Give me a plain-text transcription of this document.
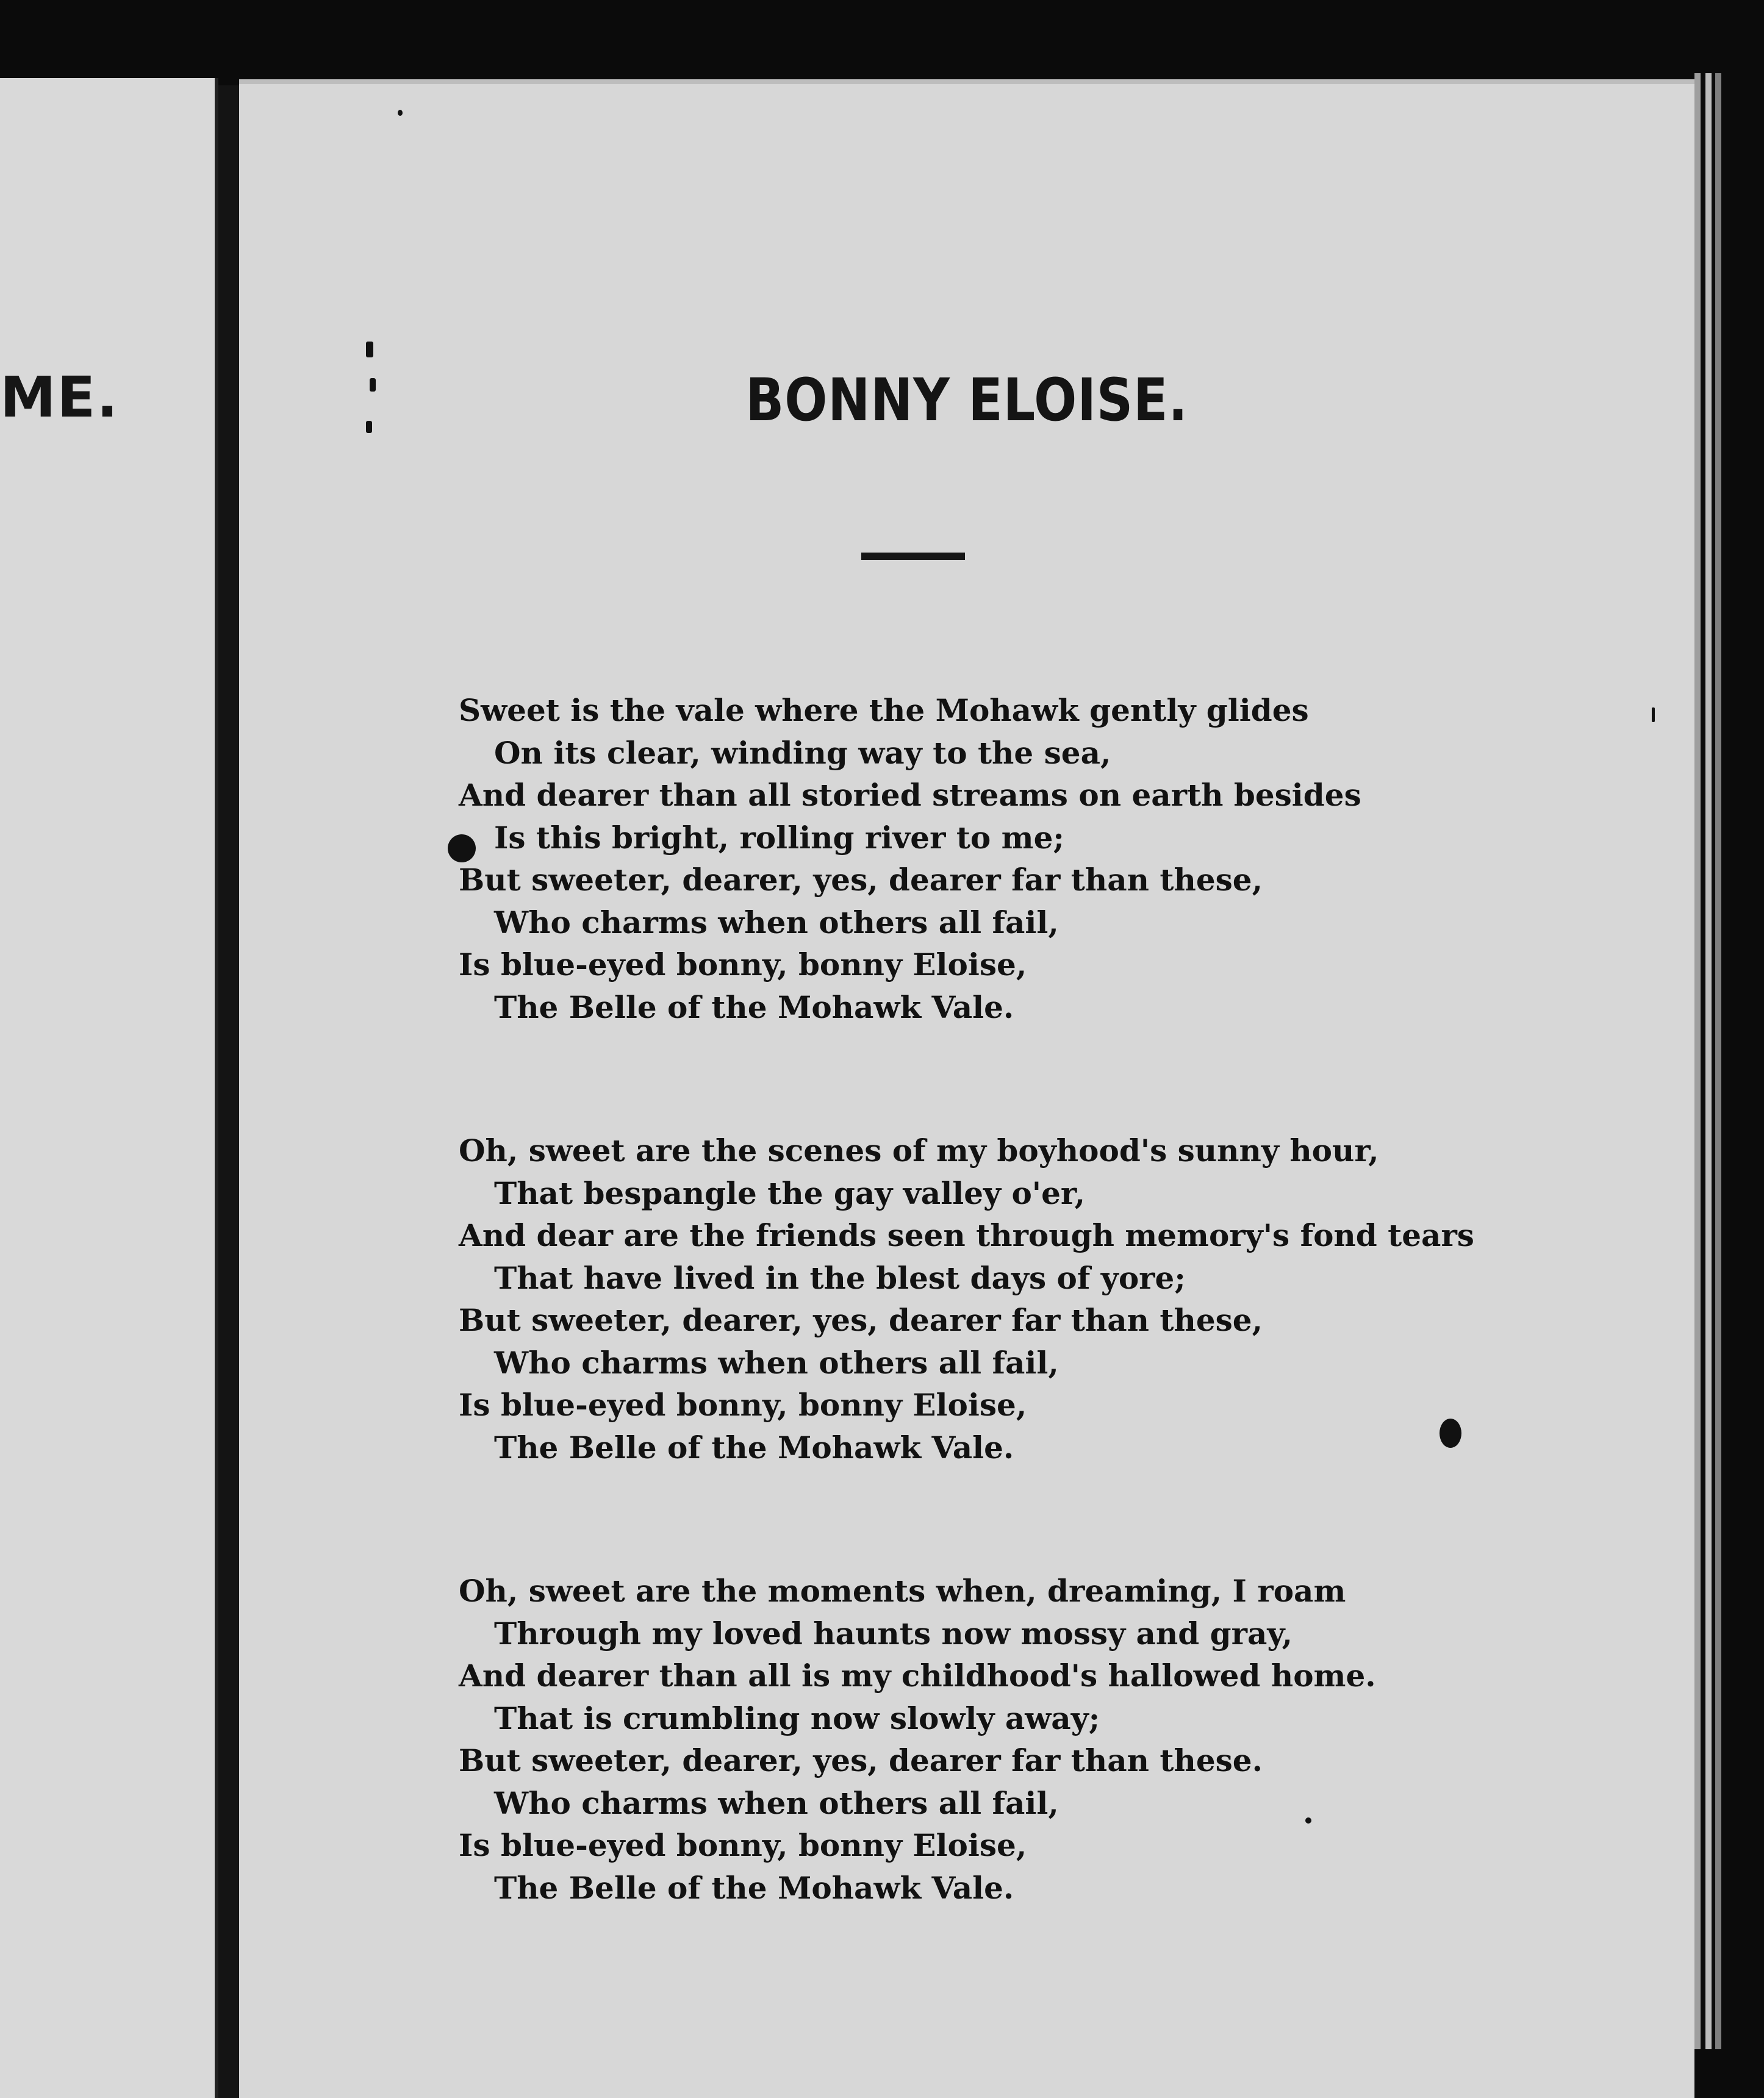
ME.	BONNY ELOISE.
Sweet is the vale where the Mohawk gently glides
On its clear, winding way to the sea,
And dearer than all storied streams on earth besides
Is this bright, rolling river to me;
But sweeter, dearer, yes, dearer far than these,
Who charms when others all fail,
Is blue-eyed bonny, bonny Eloise,
The Belle of the Mohawk Vale.
Oh, sweet are the scenes of my boyhood's sunny hour,
That bespangle the gay valley o'er,
And dear are the friends seen through memory's fond tears
That have lived in the blest days of yore;
But sweeter, dearer, yes, dearer far than these,
Who charms when others all fail,
Is blue-eyed bonny, bonny Eloise,
The Belle of the Mohawk Vale.
Oh, sweet are the moments when, dreaming, I roam
Through my loved haunts now mossy and gray,
And dearer than all is my childhood's hallowed home.
That is crumbling now slowly away;
But sweeter, dearer, yes, dearer far than these.
Who charms when others all fail,
Is blue-eyed bonny, bonny Eloise,
The Belle of the Mohawk Vale.
